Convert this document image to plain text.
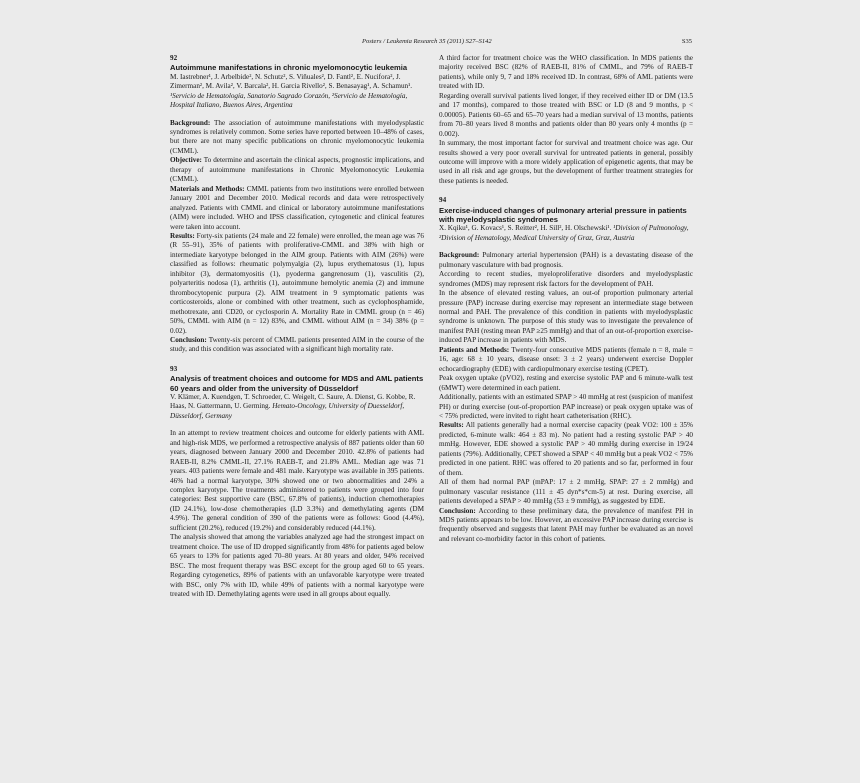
Posters / Leukemia Research 35 (2011) S27–S142	S35

92

Autoimmune manifestations in chronic myelomonocytic leukemia

M. Iastrebner¹, J. Arbelbide², N. Schutz², S. Viñuales², D. Fantl², E. Nucifora², J. Zimerman², M. Avila², V. Barcala², H. Garcia Rivello², S. Benasayag¹, A. Schamun¹. ¹Servicio de Hematología, Sanatorio Sagrado Corazón, ²Servicio de Hematología, Hospital Italiano, Buenos Aires, Argentina

Background: The association of autoimmune manifestations with myelodysplastic syndromes is relatively common. Some series have reported between 10–48% of cases, but there are not many specific publications on chronic myelomonocytic leukemia (CMML).

Objective: To determine and ascertain the clinical aspects, prognostic implications, and therapy of autoimmune manifestations in Chronic Myelomonocytic Leukemia (CMML).

Materials and Methods: CMML patients from two institutions were enrolled between January 2001 and December 2010. Medical records and data were retrospectively analyzed. Patients with CMML and clinical or laboratory autoimmune manifestations (AIM) were included. WHO and IPSS classification, cytogenetic and clinical features were taken into account.

Results: Forty-six patients (24 male and 22 female) were enrolled, the mean age was 76 (R 55–91), 35% of patients with proliferative-CMML and 38% with high or intermediate karyotype belonged in the AIM group. Patients with AIM (26%) were classified as follows: rheumatic polymyalgia (2), lupus erythematosus (1), lupus inhibitor (3), dermatomyositis (1), pyoderma gangrenosum (1), vasculitis (2), polyarteritis nodosa (1), arthritis (1), autoimmune hemolytic anemia (2) and immune thrombocytopenic purpura (2). AIM treatment in 9 symptomatic patients was corticosteroids, alone or combined with other treatment, such as cyclophosphamide, methotrexate, anti CD20, or cyclosporin A. Mortality Rate in CMML group (n = 46) 50%, CMML with AIM (n = 12) 83%, and CMML without AIM (n = 34) 38% (p = 0.02).

Conclusion: Twenty-six percent of CMML patients presented AIM in the course of the study, and this condition was associated with a significant high mortality rate.

93

Analysis of treatment choices and outcome for MDS and AML patients 60 years and older from the university of Düsseldorf

V. Klämer, A. Kuendgen, T. Schroeder, C. Weigelt, C. Saure, A. Dienst, G. Kobbe, R. Haas, N. Gattermann, U. Germing. Hemato-Oncology, University of Duesseldorf, Düsseldorf, Germany

In an attempt to review treatment choices and outcome for elderly patients with AML and high-risk MDS, we performed a retrospective analysis of 887 patients older than 60 years, diagnosed between January 2000 and December 2010. 42.8% of patients had RAEB-II, 8.2% CMML-II, 27.1% RAEB-T, and 21.8% AML. Median age was 71 years. 403 patients were female and 481 male. Karyotype was available in 395 patients. 46% had a normal karyotype, 30% showed one or two abnormalities and 24% a complex karyotype. The treatments administered to patients were grouped into four categories: Best supportive care (BSC, 67.8% of patients), induction chemotherapies (ID 24.1%), low-dose chemotherapies (LD 3.3%) and demethylating agents (DM 4.9%). The general condition of 390 of the patients were as follows: Good (4.4%), sufficient (20.2%), reduced (19.2%) and considerably reduced (44.1%).

The analysis showed that among the variables analyzed age had the strongest impact on treatment choice. The use of ID dropped significantly from 48% for patients aged below 65 years to 13% for patients aged 70–80 years. At 80 years and older, 94% received BSC. The most frequent therapy was BSC except for the group aged 60 to 65 years. Regarding cytogenetics, 89% of patients with an unfavorable karyotype were treated with BSC, only 7% with ID, while 49% of patients with a normal karyotype were treated with ID. Demethylating agents were used in all groups about equally.

A third factor for treatment choice was the WHO classification. In MDS patients the majority received BSC (82% of RAEB-II, 81% of CMML, and 79% of RAEB-T patients), while only 9, 7 and 18% received ID. In contrast, 68% of AML patients were treated with ID.

Regarding overall survival patients lived longer, if they received either ID or DM (13.5 and 17 months), compared to those treated with BSC or LD (8 and 9 months, p < 0.00005). Patients 60–65 and 65–70 years had a median survival of 13 months, patients from 70–80 years lived 8 months and patients older than 80 years only 4 months (p = 0.002).

In summary, the most important factor for survival and treatment choice was age. Our results showed a very poor overall survival for untreated patients in general, possibly outcome will improve with a more widely application of epigenetic agents, that may be used in all risk and age groups, but the development of further treatment strategies for these patients is needed.

94

Exercise-induced changes of pulmonary arterial pressure in patients with myelodysplastic syndromes

X. Kqiku¹, G. Kovacs¹, S. Reitter², H. Sill², H. Olschewski¹. ¹Division of Pulmonology, ²Division of Hematology, Medical University of Graz, Graz, Austria

Background: Pulmonary arterial hypertension (PAH) is a devastating disease of the pulmonary vasculature with bad prognosis.

According to recent studies, myeloproliferative disorders and myelodysplastic syndromes (MDS) may represent risk factors for the development of PAH.

In the absence of elevated resting values, an out-of proportion pulmonary arterial pressure (PAP) increase during exercise may represent an intermediate stage between normal and PAH. The prevalence of this condition in patients with myelodysplastic syndrome is unknown. The purpose of this study was to investigate the prevalence of manifest PAH (resting mean PAP ≥25 mmHg) and that of an out-of-proportion exercise-induced PAP increase in patients with MDS.

Patients and Methods: Twenty-four consecutive MDS patients (female n = 8, male = 16, age: 68 ± 10 years, disease onset: 3 ± 2 years) underwent exercise Doppler echocardiography (EDE) with cardiopulmonary exercise testing (CPET).

Peak oxygen uptake (pVO2), resting and exercise systolic PAP and 6 minute-walk test (6MWT) were determined in each patient.

Additionally, patients with an estimated SPAP > 40 mmHg at rest (suspicion of manifest PH) or during exercise (out-of-proportion PAP increase) or peak oxygen uptake was of < 75% predicted, were invited to right heart catheterisation (RHC).

Results: All patients generally had a normal exercise capacity (peak VO2: 100 ± 35% predicted, 6-minute walk: 464 ± 83 m). No patient had a resting systolic PAP > 40 mmHg. However, EDE showed a systolic PAP > 40 mmHg during exercise in 19/24 patients (79%). Additionally, CPET showed a SPAP < 40 mmHg but a peak VO2 < 75% predicted in one patient. RHC was offered to 20 patients and so far, performed in four of them.

All of them had normal PAP (mPAP: 17 ± 2 mmHg, SPAP: 27 ± 2 mmHg) and pulmonary vascular resistance (111 ± 45 dyn*s*cm-5) at rest. During exercise, all patients developed a SPAP > 40 mmHg (53 ± 9 mmHg), as suggested by EDE.

Conclusion: According to these preliminary data, the prevalence of manifest PH in MDS patients appears to be low. However, an excessive PAP increase during exercise is frequently observed and suggests that latent PAH may further be evaluated as an novel and relevant co-morbidity factor in this cohort of patients.
